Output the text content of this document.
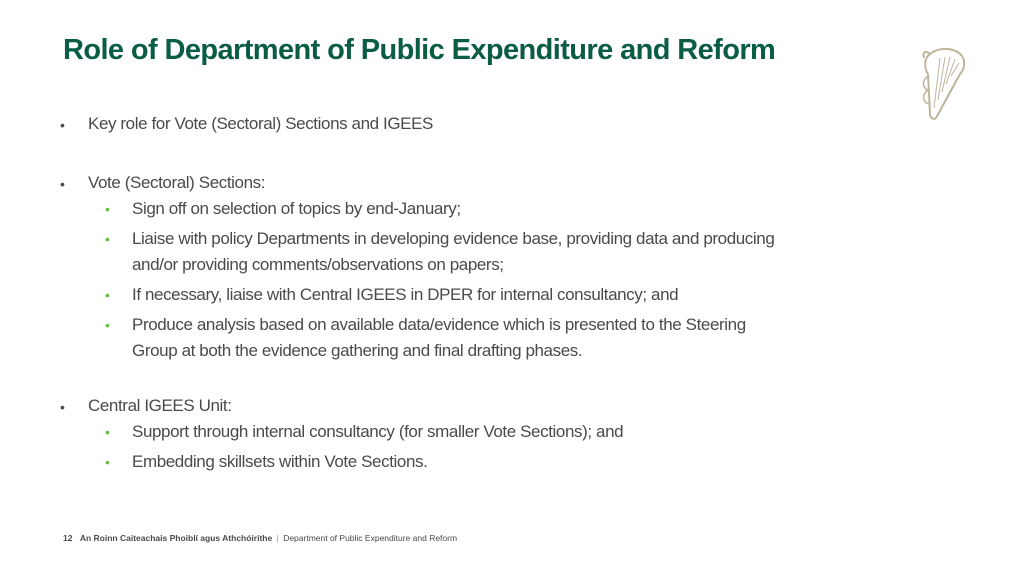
Role of Department of Public Expenditure and Reform
•	Key role for Vote (Sectoral) Sections and IGEES
•	Vote (Sectoral) Sections:
•	Sign off on selection of topics by end-January;
•	Liaise with policy Departments in developing evidence base, providing data and producing and/or providing comments/observations on papers;
•	If necessary, liaise with Central IGEES in DPER for internal consultancy; and
•	Produce analysis based on available data/evidence which is presented to the Steering Group at both the evidence gathering and final drafting phases.
•	Central IGEES Unit:
•	Support through internal consultancy (for smaller Vote Sections); and
•	Embedding skillsets within Vote Sections.
12 An Roinn Caiteachais Phoiblí agus Athchóirithe | Department of Public Expenditure and Reform
